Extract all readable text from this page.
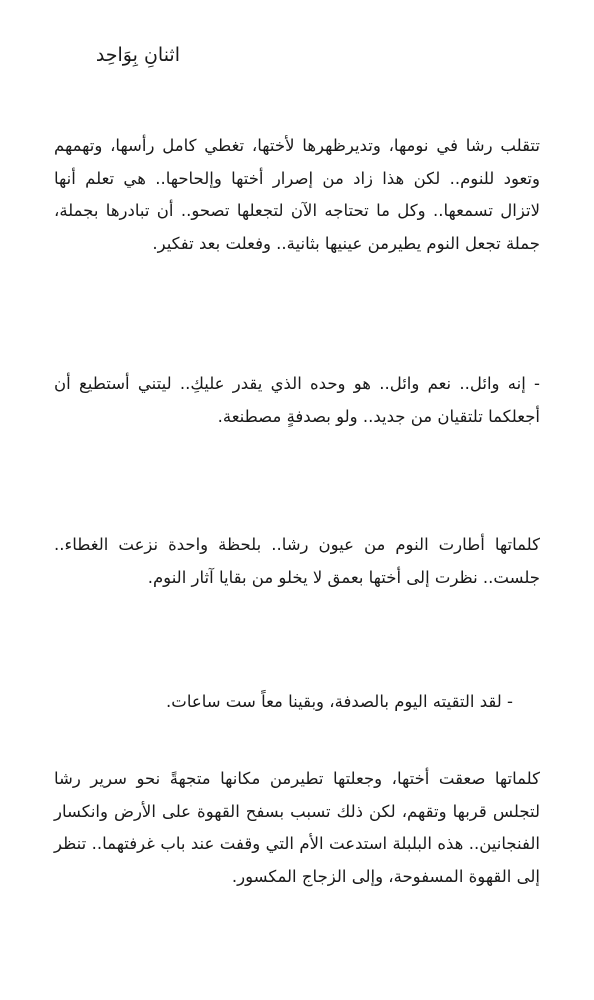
اثنانِ بِوَاحِد

تتقلب رشا في نومها، وتديرظهرها لأختها، تغطي كامل رأسها، وتهمهم وتعود للنوم.. لكن هذا زاد من إصرار أختها وإلحاحها.. هي تعلم أنها لاتزال تسمعها.. وكل ما تحتاجه الآن لتجعلها تصحو.. أن تبادرها بجملة، جملة تجعل النوم يطيرمن عينيها بثانية.. وفعلت بعد تفكير.

- إنه وائل.. نعم وائل.. هو وحده الذي يقدر عليكِ.. ليتني أستطيع أن أجعلكما تلتقيان من جديد.. ولو بصدفةٍ مصطنعة.

كلماتها أطارت النوم من عيون رشا.. بلحظة واحدة نزعت الغطاء.. جلست.. نظرت إلى أختها بعمق لا يخلو من بقايا آثار النوم.

- لقد التقيته اليوم بالصدفة، وبقينا معاً ست ساعات.

كلماتها صعقت أختها، وجعلتها تطيرمن مكانها متجهةً نحو سرير رشا لتجلس قربها وتقهم، لكن ذلك تسبب بسفح القهوة على الأرض وانكسار الفنجانين.. هذه البلبلة استدعت الأم التي وقفت عند باب غرفتهما.. تنظر إلى القهوة المسفوحة، وإلى الزجاج المكسور.
